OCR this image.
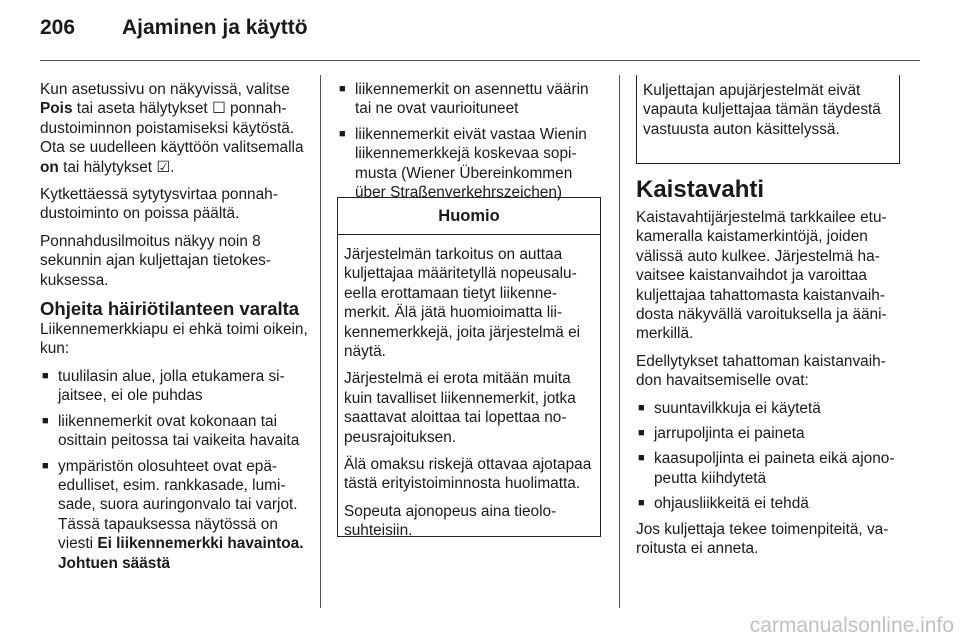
206 Ajaminen ja käyttö

Kun asetussivu on näkyvissä, valitse Pois tai aseta hälytykset ☐ ponnahdustoiminnon poistamiseksi käytöstä. Ota se uudelleen käyttöön valitsemalla on tai hälytykset ☑.

Kytkettäessä sytytysvirtaa ponnahdustoiminto on poissa päältä.

Ponnahdusilmoitus näkyy noin 8 sekunnin ajan kuljettajan tietokeskuksessa.

Ohjeita häiriötilanteen varalta

Liikennemerkkiapu ei ehkä toimi oikein, kun:

■ tuulilasin alue, jolla etukamera sijaitsee, ei ole puhdas
■ liikennemerkit ovat kokonaan tai osittain peitossa tai vaikeita havaita
■ ympäristön olosuhteet ovat epäedulliset, esim. rankkasade, lumisade, suora auringonvalo tai varjot. Tässä tapauksessa näytössä on viesti Ei liikennemerkki havaintoa. Johtuen säästä
■ liikennemerkit on asennettu väärin tai ne ovat vaurioituneet
■ liikennemerkit eivät vastaa Wienin liikennemerkkejä koskevaa sopimusta (Wiener Übereinkommen über Straßenverkehrszeichen)
Huomio

Järjestelmän tarkoitus on auttaa kuljettajaa määritetyllä nopeusalueella erottamaan tietyt liikennemerkit. Älä jätä huomioimatta liikennemerkkejä, joita järjestelmä ei näytä.

Järjestelmä ei erota mitään muita kuin tavalliset liikennemerkit, jotka saattavat aloittaa tai lopettaa nopeusrajoituksen.

Älä omaksu riskejä ottavaa ajotapaa tästä erityistoiminnosta huolimatta.

Sopeuta ajonopeus aina tieolosuhteisiin.

Kuljettajan apujärjestelmät eivät vapauta kuljettajaa tämän täydestä vastuusta auton käsittelyssä.
Kaistavahti

Kaistavahtijärjestelmä tarkkailee etukameralla kaistamerkintöjä, joiden välissä auto kulkee. Järjestelmä havaitsee kaistanvaihdot ja varoittaa kuljettajaa tahattomasta kaistanvaihdosta näkyvällä varoituksella ja äänimerkillä.

Edellytykset tahattoman kaistanvaihdon havaitsemiselle ovat:

■ suuntavilkkuja ei käytetä
■ jarrupoljinta ei paineta
■ kaasupoljinta ei paineta eikä ajonopeutta kiihdytetä
■ ohjausliikkeitä ei tehdä

Jos kuljettaja tekee toimenpiteitä, varoitusta ei anneta.

carmanualsonline.info
